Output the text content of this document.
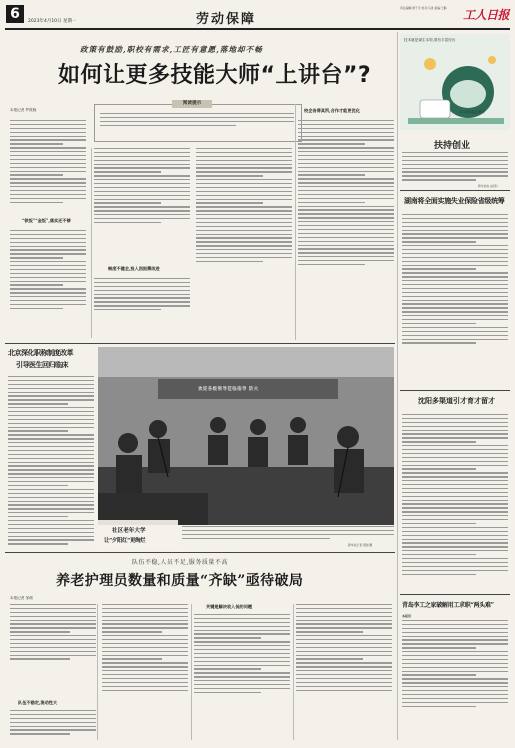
6	2023年4月10日 星期一	劳动保障
责任编辑:周子宇 校对:马进 美编:王静	工人日报
政策有鼓励,职校有需求,工匠有意愿,落地却不畅
如何让更多技能大师“上讲台”?
本报记者 罗筱晓
“铁饭”“金饭”,落实还不够
阅读提示
制度不健全,投入回报需改进
校企各得其所,合作才能更优化
技术就是谋生本领,要有丰富经历
2023年稳定增长
扶持创业
新华社电 (赵萍)
湖南将全面实施失业保险省级统筹
沈阳多渠道引才育才留才
青岛李工之家破解用工求职“两头难”
本报讯
北京深化职称制度改革
引导医生回归临床
欢迎各级领导莅临指导 防火
社区老年大学
让“夕阳红”更绚烂
新华社记者 吴刚 摄
队伍不稳,人员不足,服务质量不高
养老护理员数量和质量“齐缺”亟待破局
本报记者 邹倜
队伍不稳定,流动性大
关键是解决收入低的问题
